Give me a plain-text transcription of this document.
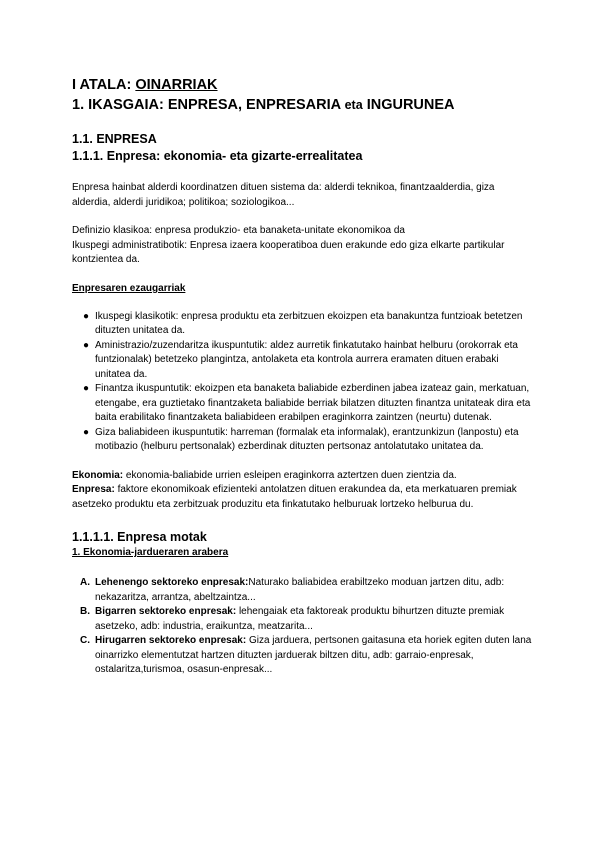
I ATALA: OINARRIAK
1. IKASGAIA: ENPRESA, ENPRESARIA eta INGURUNEA
1.1. ENPRESA
1.1.1. Enpresa: ekonomia- eta gizarte-errealitatea

Enpresa hainbat alderdi koordinatzen dituen sistema da: alderdi teknikoa, finantzaalderdia, giza alderdia, alderdi juridikoa; politikoa; soziologikoa...

Definizio klasikoa: enpresa produkzio- eta banaketa-unitate ekonomikoa da

Ikuspegi administratibotik: Enpresa izaera kooperatiboa duen erakunde edo giza elkarte partikular kontzientea da.

Enpresaren ezaugarriak

● Ikuspegi klasikotik: enpresa produktu eta zerbitzuen ekoizpen eta banakuntza funtzioak betetzen dituzten unitatea da.
● Aministrazio/zuzendaritza ikuspuntutik: aldez aurretik finkatutako hainbat helburu (orokorrak eta funtzionalak) betetzeko plangintza, antolaketa eta kontrola aurrera eramaten dituen erabaki unitatea da.
● Finantza ikuspuntutik: ekoizpen eta banaketa baliabide ezberdinen jabea izateaz gain, merkatuan, etengabe, era guztietako finantzaketa baliabide berriak bilatzen dituzten finantza unitateak dira eta baita erabilitako finantzaketa baliabideen erabilpen eraginkorra zaintzen (neurtu) dutenak.
● Giza baliabideen ikuspuntutik: harreman (formalak eta informalak), erantzunkizun (lanpostu) eta motibazio (helburu pertsonalak) ezberdinak dituzten pertsonaz antolatutako unitatea da.

Ekonomia: ekonomia-baliabide urrien esleipen eraginkorra aztertzen duen zientzia da.

Enpresa: faktore ekonomikoak efizienteki antolatzen dituen erakundea da, eta merkatuaren premiak asetzeko produktu eta zerbitzuak produzitu eta finkatutako helburuak lortzeko helburua du.

1.1.1.1. Enpresa motak

1. Ekonomia-jardueraren arabera

A. Lehenengo sektoreko enpresak:Naturako baliabidea erabiltzeko moduan jartzen ditu, adb: nekazaritza, arrantza, abeltzaintza...
B. Bigarren sektoreko enpresak: lehengaiak eta faktoreak produktu bihurtzen dituzte premiak asetzeko, adb: industria, eraikuntza, meatzarita...
C. Hirugarren sektoreko enpresak: Giza jarduera, pertsonen gaitasuna eta horiek egiten duten lana oinarrizko elementutzat hartzen dituzten jarduerak biltzen ditu, adb: garraio-enpresak, ostalaritza,turismoa, osasun-enpresak...
